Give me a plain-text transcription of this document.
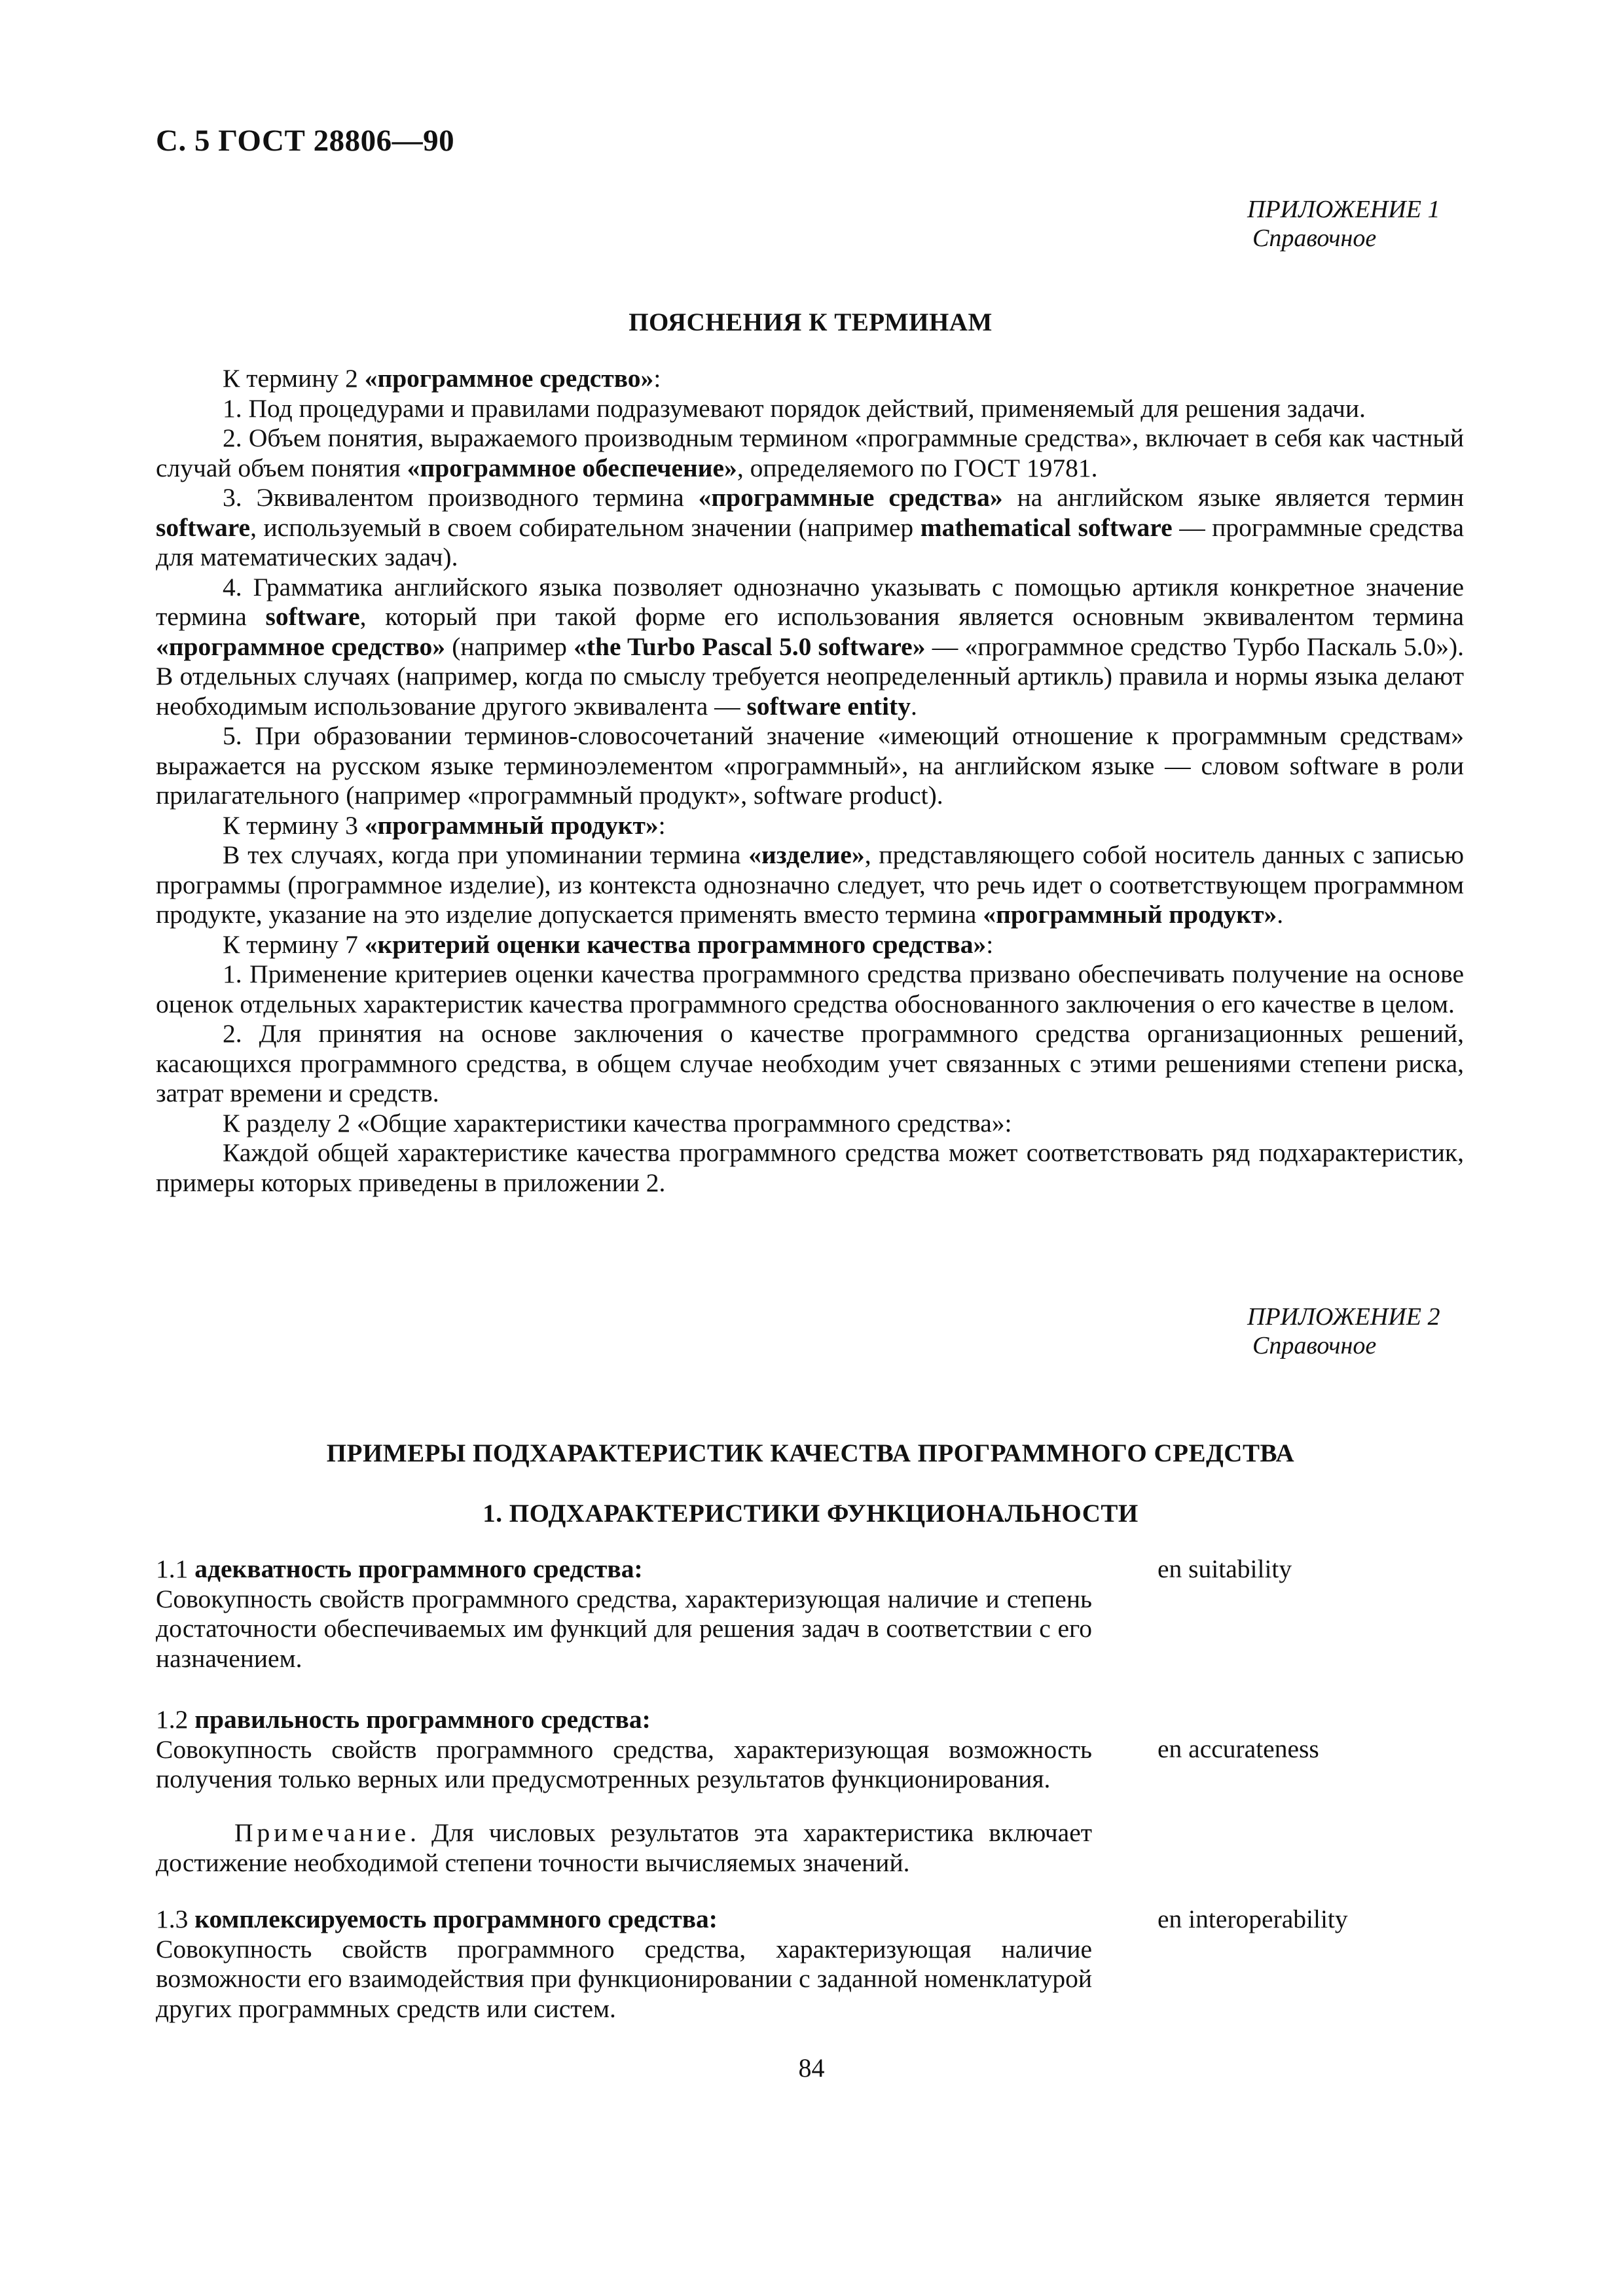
С. 5 ГОСТ 28806—90
ПРИЛОЖЕНИЕ 1

Справочное
ПОЯСНЕНИЯ К ТЕРМИНАМ

К термину 2 «программное средство»:

1. Под процедурами и правилами подразумевают порядок действий, применяемый для решения задачи.

2. Объем понятия, выражаемого производным термином «программные средства», включает в себя как частный случай объем понятия «программное обеспечение», определяемого по ГОСТ 19781.

3. Эквивалентом производного термина «программные средства» на английском языке является термин software, используемый в своем собирательном значении (например mathematical software — программные средства для математических задач).

4. Грамматика английского языка позволяет однозначно указывать с помощью артикля конкретное значение термина software, который при такой форме его использования является основным эквивалентом термина «программное средство» (например «the Turbo Pascal 5.0 software» — «программное средство Турбо Паскаль 5.0»). В отдельных случаях (например, когда по смыслу требуется неопределенный артикль) правила и нормы языка делают необходимым использование другого эквивалента — software entity.

5. При образовании терминов-словосочетаний значение «имеющий отношение к программным средствам» выражается на русском языке терминоэлементом «программный», на английском языке — словом software в роли прилагательного (например «программный продукт», software product).

К термину 3 «программный продукт»:

В тех случаях, когда при упоминании термина «изделие», представляющего собой носитель данных с записью программы (программное изделие), из контекста однозначно следует, что речь идет о соответствующем программном продукте, указание на это изделие допускается применять вместо термина «программный продукт».

К термину 7 «критерий оценки качества программного средства»:

1. Применение критериев оценки качества программного средства призвано обеспечивать получение на основе оценок отдельных характеристик качества программного средства обоснованного заключения о его качестве в целом.

2. Для принятия на основе заключения о качестве программного средства организационных решений, касающихся программного средства, в общем случае необходим учет связанных с этими решениями степени риска, затрат времени и средств.

К разделу 2 «Общие характеристики качества программного средства»:

Каждой общей характеристике качества программного средства может соответствовать ряд подхарактеристик, примеры которых приведены в приложении 2.

ПРИЛОЖЕНИЕ 2

Справочное
ПРИМЕРЫ ПОДХАРАКТЕРИСТИК КАЧЕСТВА ПРОГРАММНОГО СРЕДСТВА
1. ПОДХАРАКТЕРИСТИКИ ФУНКЦИОНАЛЬНОСТИ
1.1 адекватность программного средства:
Совокупность свойств программного средства, характеризующая наличие и степень достаточности обеспечиваемых им функций для решения задач в соответствии с его назначением.
en suitability
1.2 правильность программного средства:
Совокупность свойств программного средства, характеризующая возможность получения только верных или предусмотренных результатов функционирования.
en accurateness

Примечание. Для числовых результатов эта характеристика включает достижение необходимой степени точности вычисляемых значений.

1.3 комплексируемость программного средства:
Совокупность свойств программного средства, характеризующая наличие возможности его взаимодействия при функционировании с заданной номенклатурой других программных средств или систем.
en interoperability
84
